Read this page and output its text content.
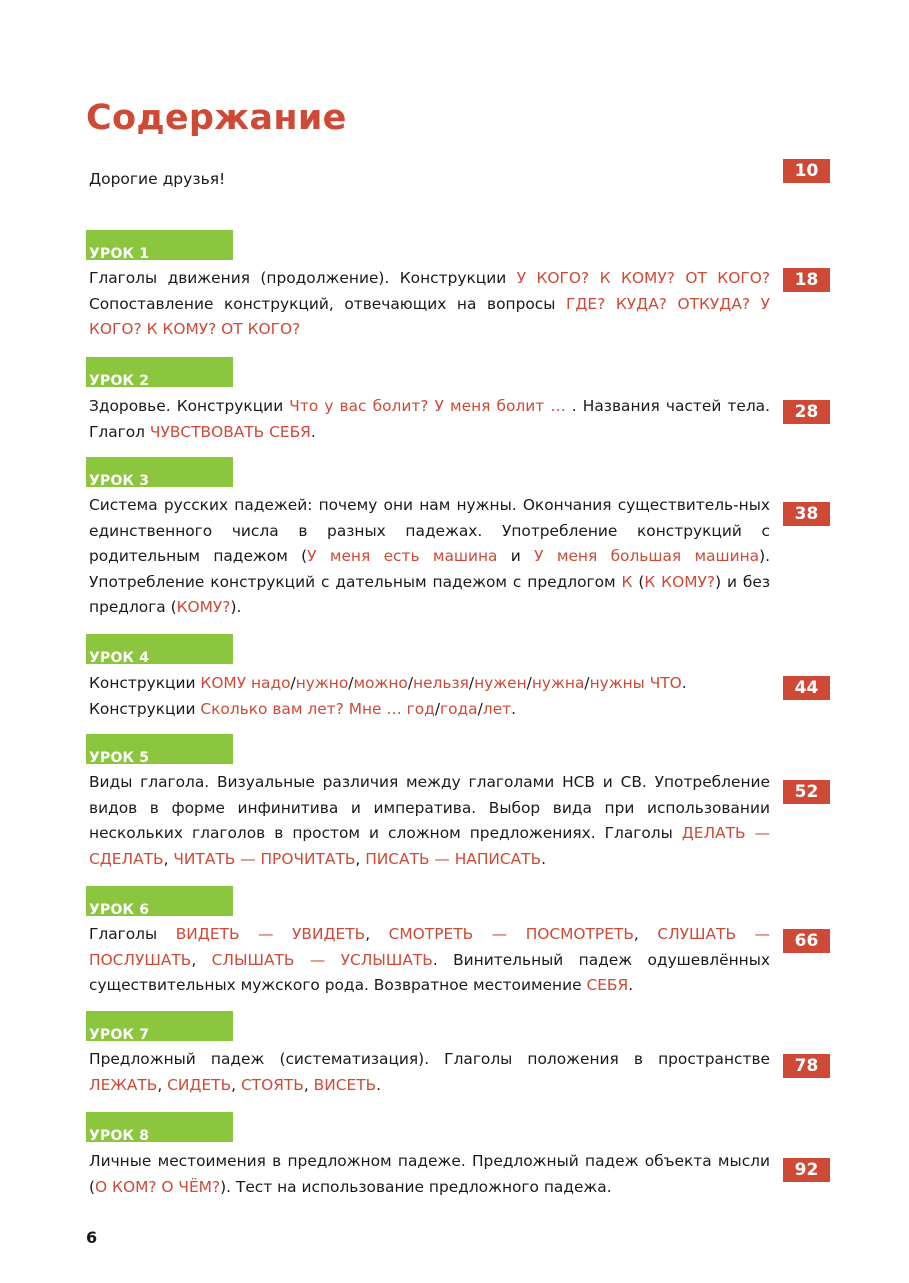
Содержание
Дорогие друзья!	10
УРОК 1
Глаголы движения (продолжение). Конструкции У КОГО? К КОМУ? ОТ КОГО? Сопоставление конструкций, отвечающих на вопросы ГДЕ? КУДА? ОТКУДА? У КОГО? К КОМУ? ОТ КОГО?
18
УРОК 2
Здоровье. Конструкции Что у вас болит? У меня болит … . Названия частей тела. Глагол ЧУВСТВОВАТЬ СЕБЯ.
28
УРОК 3
Система русских падежей: почему они нам нужны. Окончания существитель-ных единственного числа в разных падежах. Употребление конструкций с родительным падежом (У меня есть машина и У меня большая машина). Употребление конструкций с дательным падежом с предлогом К (К КОМУ?) и без предлога (КОМУ?).
38
УРОК 4
Конструкции КОМУ надо/нужно/можно/нельзя/нужен/нужна/нужны ЧТО.
Конструкции Сколько вам лет? Мне … год/года/лет.
44
УРОК 5
Виды глагола. Визуальные различия между глаголами НСВ и СВ. Употребление видов в форме инфинитива и императива. Выбор вида при использовании нескольких глаголов в простом и сложном предложениях. Глаголы ДЕЛАТЬ — СДЕЛАТЬ, ЧИТАТЬ — ПРОЧИТАТЬ, ПИСАТЬ — НАПИСАТЬ.
52
УРОК 6
Глаголы ВИДЕТЬ — УВИДЕТЬ, СМОТРЕТЬ — ПОСМОТРЕТЬ, СЛУШАТЬ — ПОСЛУШАТЬ, СЛЫШАТЬ — УСЛЫШАТЬ. Винительный падеж одушевлённых существительных мужского рода. Возвратное местоимение СЕБЯ.
66
УРОК 7
Предложный падеж (систематизация). Глаголы положения в пространстве ЛЕЖАТЬ, СИДЕТЬ, СТОЯТЬ, ВИСЕТЬ.
78
УРОК 8
Личные местоимения в предложном падеже. Предложный падеж объекта мысли (О КОМ? О ЧЁМ?). Тест на использование предложного падежа.
92
6
